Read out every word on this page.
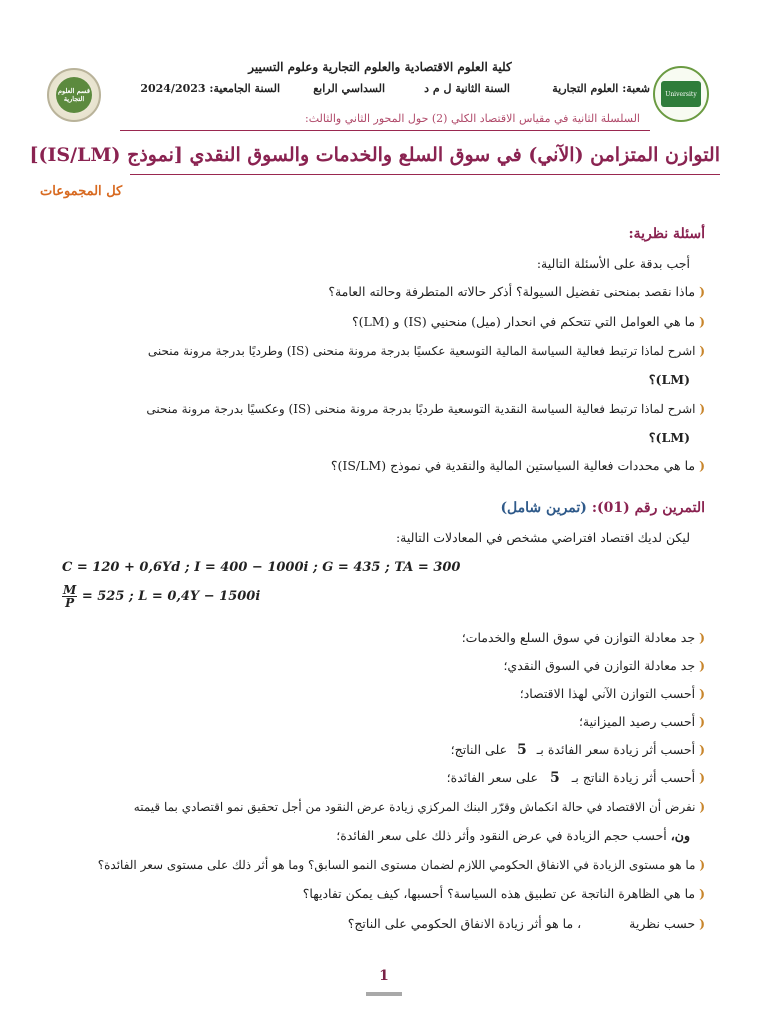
كلية العلوم الاقتصادية والعلوم التجارية وعلوم التسيير
University
قسم العلوم التجارية
شعبة: العلوم التجارية
السنة الثانية ل م د
السداسي الرابع
السنة الجامعية: 2024/2023
السلسلة الثانية في مقياس الاقتصاد الكلي (2) حول المحور الثاني والثالث:
التوازن المتزامن (الآني) في سوق السلع والخدمات والسوق النقدي [نموذج (IS/LM)]
كل المجموعات
أسئلة نظرية:
أجب بدقة على الأسئلة التالية:
( ماذا نقصد بمنحنى تفضيل السيولة؟ أذكر حالاته المتطرفة وحالته العامة؟
( ما هي العوامل التي تتحكم في انحدار (ميل) منحنيي (IS) و (LM)؟
( اشرح لماذا ترتبط فعالية السياسة المالية التوسعية عكسيًا بدرجة مرونة منحنى (IS) وطرديًا بدرجة مرونة منحنى
(LM)؟
( اشرح لماذا ترتبط فعالية السياسة النقدية التوسعية طرديًا بدرجة مرونة منحنى (IS) وعكسيًا بدرجة مرونة منحنى
(LM)؟
( ما هي محددات فعالية السياستين المالية والنقدية في نموذج (IS/LM)؟
التمرين رقم (01): (تمرين شامل)
ليكن لديك اقتصاد افتراضي مشخص في المعادلات التالية:
C = 120 + 0,6Yd ; I = 400 − 1000i ; G = 435 ; TA = 300
$\frac{M}{P} = 525$ ; L = 0,4Y − 1500i
( جد معادلة التوازن في سوق السلع والخدمات؛
( جد معادلة التوازن في السوق النقدي؛
( أحسب التوازن الآني لهذا الاقتصاد؛
( أحسب رصيد الميزانية؛
( أحسب أثر زيادة سعر الفائدة بـ 5 على الناتج؛
( أحسب أثر زيادة الناتج بـ 5 على سعر الفائدة؛
( نفرض أن الاقتصاد في حالة انكماش وقرّر البنك المركزي زيادة عرض النقود من أجل تحقيق نمو اقتصادي بما قيمته
ون، أحسب حجم الزيادة في عرض النقود وأثر ذلك على سعر الفائدة؛
( ما هو مستوى الزيادة في الانفاق الحكومي اللازم لضمان مستوى النمو السابق؟ وما هو أثر ذلك على مستوى سعر الفائدة؟
( ما هي الظاهرة الناتجة عن تطبيق هذه السياسة؟ أحسبها، كيف يمكن تفاديها؟
( حسب نظرية  ، ما هو أثر زيادة الانفاق الحكومي على الناتج؟
1
